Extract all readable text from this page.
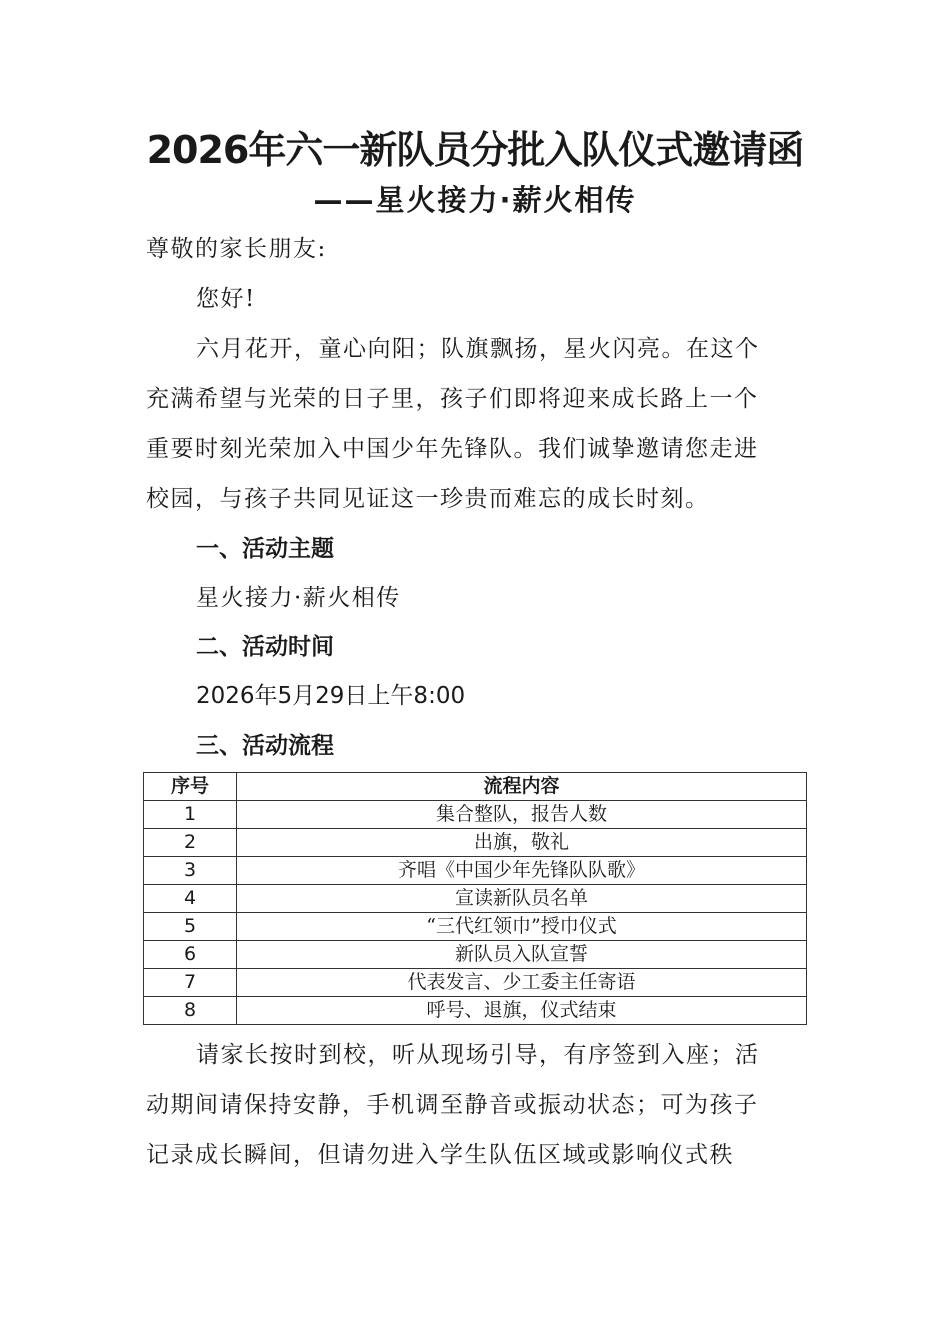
2026年六一新队员分批入队仪式邀请函
——星火接力·薪火相传

尊敬的家长朋友:

您好!

六月花开，童心向阳；队旗飘扬，星火闪亮。在这个

充满希望与光荣的日子里，孩子们即将迎来成长路上一个

重要时刻光荣加入中国少年先锋队。我们诚挚邀请您走进

校园，与孩子共同见证这一珍贵而难忘的成长时刻。

一、活动主题

星火接力·薪火相传

二、活动时间

2026年5月29日上午8:00

三、活动流程

序号	流程内容
1	集合整队，报告人数
2	出旗，敬礼
3	齐唱《中国少年先锋队队歌》
4	宣读新队员名单
5	“三代红领巾”授巾仪式
6	新队员入队宣誓
7	代表发言、少工委主任寄语
8	呼号、退旗，仪式结束

请家长按时到校，听从现场引导，有序签到入座；活

动期间请保持安静，手机调至静音或振动状态；可为孩子

记录成长瞬间，但请勿进入学生队伍区域或影响仪式秩
